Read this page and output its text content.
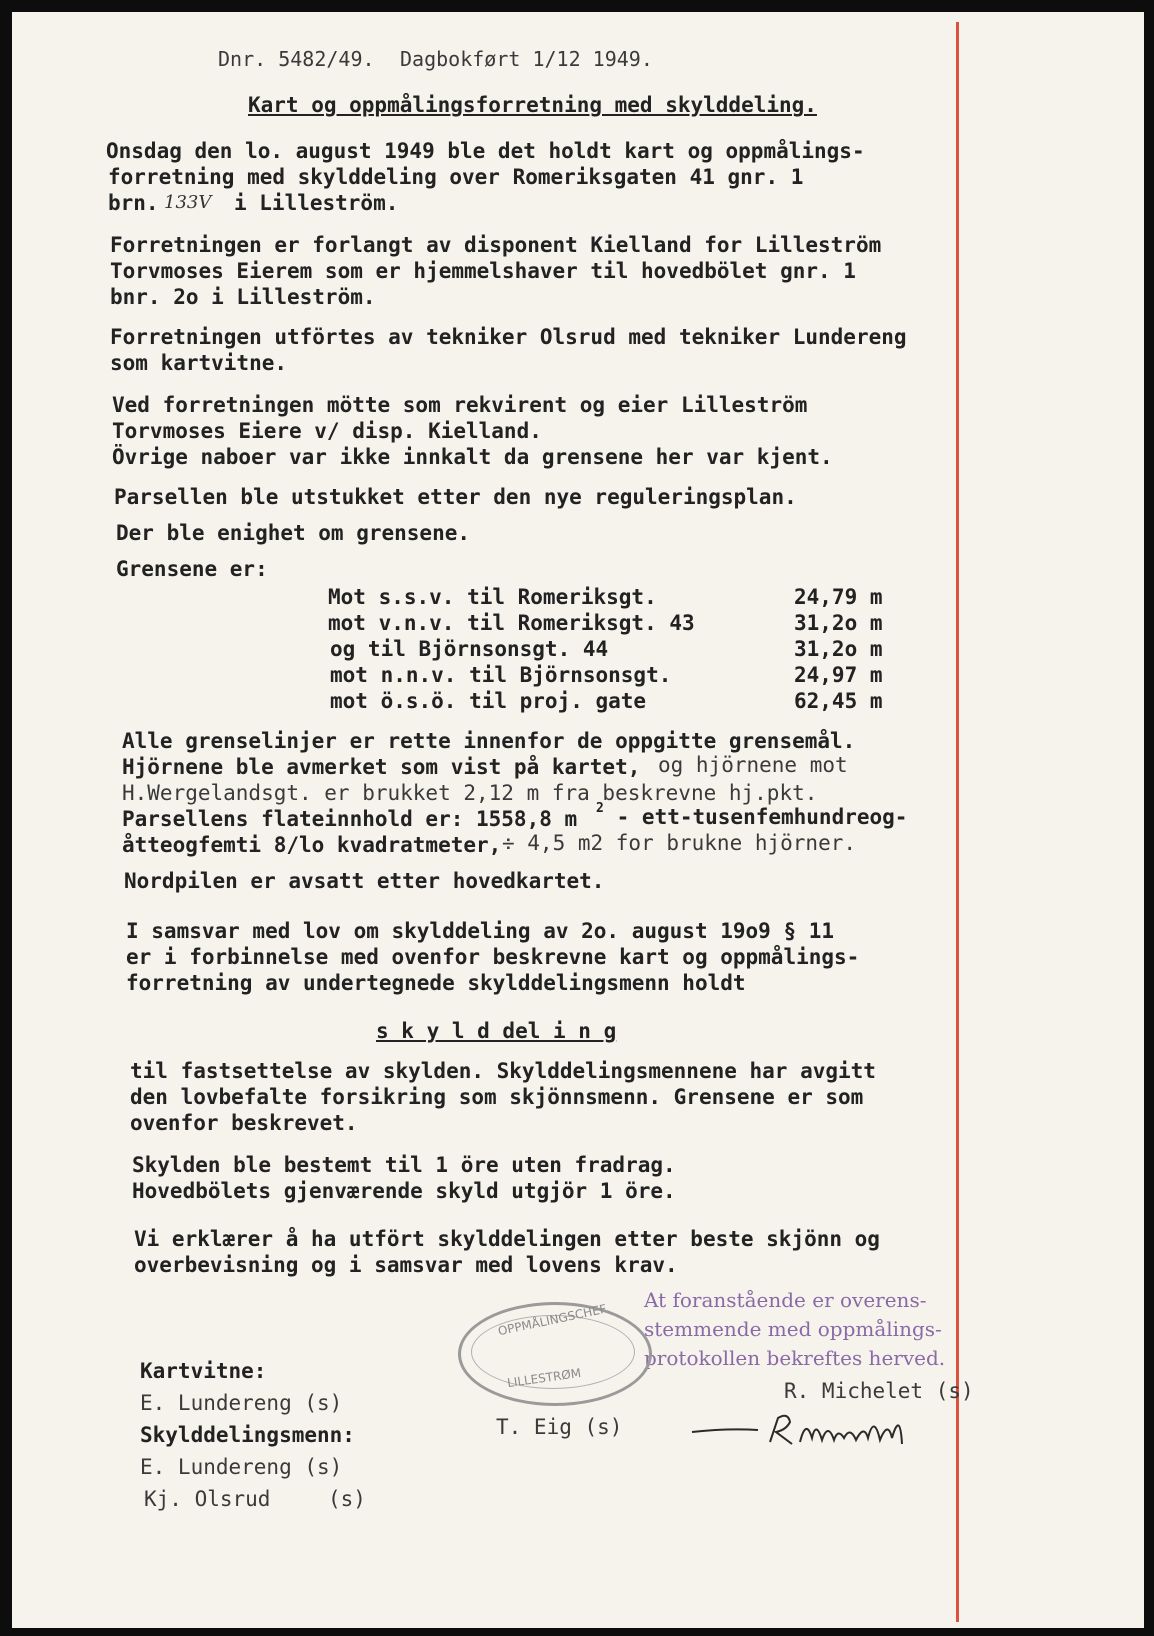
Dnr. 5482/49. Dagbokført 1/12 1949.
Kart og oppmålingsforretning med skylddeling.
Onsdag den lo. august 1949 ble det holdt kart og oppmålings-
forretning med skylddeling over Romeriksgaten 41 gnr. 1
brn. 133V i Lilleström.
Forretningen er forlangt av disponent Kielland for Lilleström
Torvmoses Eierem som er hjemmelshaver til hovedbölet gnr. 1
bnr. 2o i Lilleström.
Forretningen utförtes av tekniker Olsrud med tekniker Lundereng
som kartvitne.
Ved forretningen mötte som rekvirent og eier Lilleström
Torvmoses Eiere v/ disp. Kielland.
Övrige naboer var ikke innkalt da grensene her var kjent.
Parsellen ble utstukket etter den nye reguleringsplan.
Der ble enighet om grensene.
Grensene er:
Mot s.s.v. til Romeriksgt.	24,79 m
mot v.n.v. til Romeriksgt. 43	31,2o m
og til Björnsonsgt. 44	31,2o m
mot n.n.v. til Björnsonsgt.	24,97 m
mot ö.s.ö. til proj. gate	62,45 m
Alle grenselinjer er rette innenfor de oppgitte grensemål.
Hjörnene ble avmerket som vist på kartet, og hjörnene mot
H.Wergelandsgt. er brukket 2,12 m fra beskrevne hj.pkt.
Parsellens flateinnhold er: 1558,8 m 2 - ett-tusenfemhundreog-
åtteogfemti 8/lo kvadratmeter, ÷ 4,5 m2 for brukne hjörner.
Nordpilen er avsatt etter hovedkartet.
I samsvar med lov om skylddeling av 2o. august 19o9 § 11
er i forbinnelse med ovenfor beskrevne kart og oppmålings-
forretning av undertegnede skylddelingsmenn holdt
s k y l d del i n g
til fastsettelse av skylden. Skylddelingsmennene har avgitt
den lovbefalte forsikring som skjönnsmenn. Grensene er som
ovenfor beskrevet.
Skylden ble bestemt til 1 öre uten fradrag.
Hovedbölets gjenværende skyld utgjör 1 öre.
Vi erklærer å ha utfört skylddelingen etter beste skjönn og
overbevisning og i samsvar med lovens krav.
At foranstående er overens-
stemmende med oppmålings-
protokollen bekreftes herved.
OPPMÅLINGSCHEF
LILLESTRØM
Kartvitne:
E. Lundereng (s)
Skylddelingsmenn:
E. Lundereng (s)
Kj. Olsrud	(s)
T. Eig (s)
R. Michelet (s)
